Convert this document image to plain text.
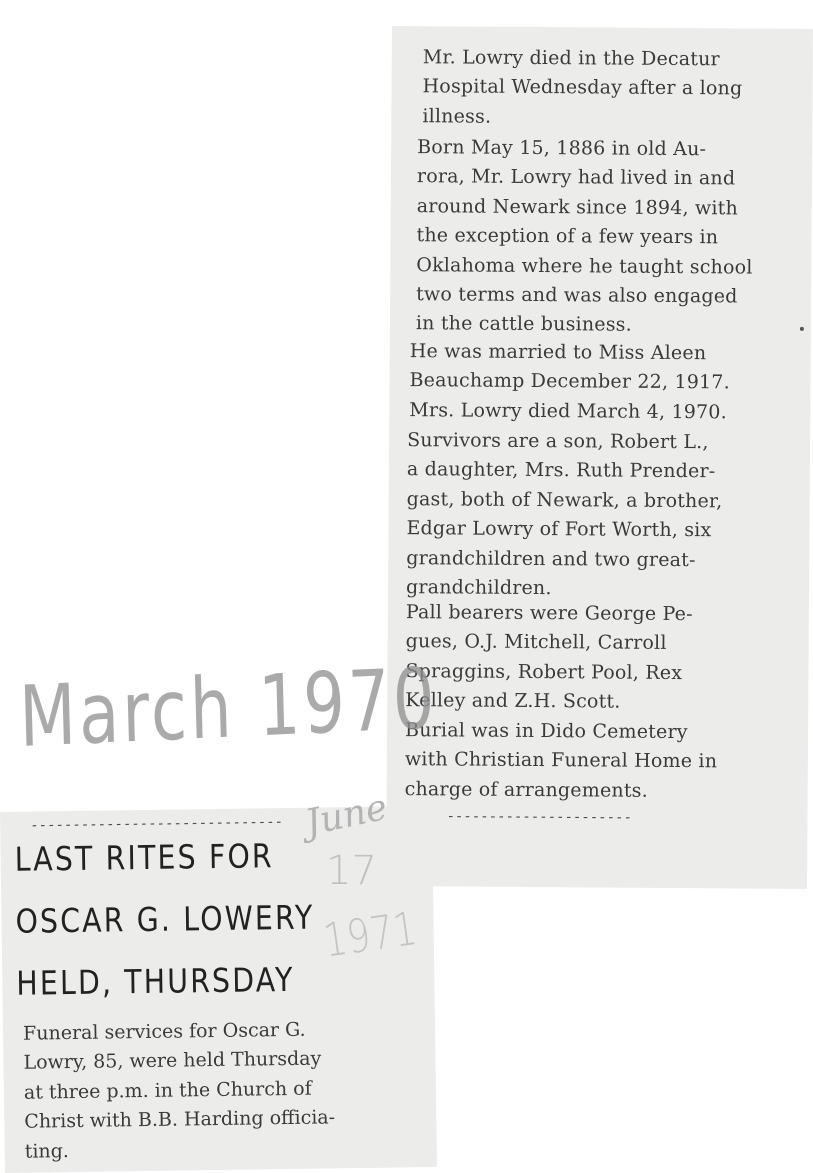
Mr. Lowry died in the Decatur
Hospital Wednesday after a long
illness.

Born May 15, 1886 in old Au-
rora, Mr. Lowry had lived in and
around Newark since 1894, with
the exception of a few years in
Oklahoma where he taught school
two terms and was also engaged
in the cattle business.

He was married to Miss Aleen
Beauchamp December 22, 1917.
Mrs. Lowry died March 4, 1970.

Survivors are a son, Robert L.,
a daughter, Mrs. Ruth Prender-
gast, both of Newark, a brother,
Edgar Lowry of Fort Worth, six
grandchildren and two great-
grandchildren.

Pall bearers were George Pe-
gues, O.J. Mitchell, Carroll
Spraggins, Robert Pool, Rex
Kelley and Z.H. Scott.

Burial was in Dido Cemetery
with Christian Funeral Home in
charge of arrangements.

----------------------
March 1970
------------------------------
LAST RITES FOR
OSCAR G. LOWERY
HELD, THURSDAY

Funeral services for Oscar G.
Lowry, 85, were held Thursday
at three p.m. in the Church of
Christ with B.B. Harding officia-
ting.

June
17
1971
